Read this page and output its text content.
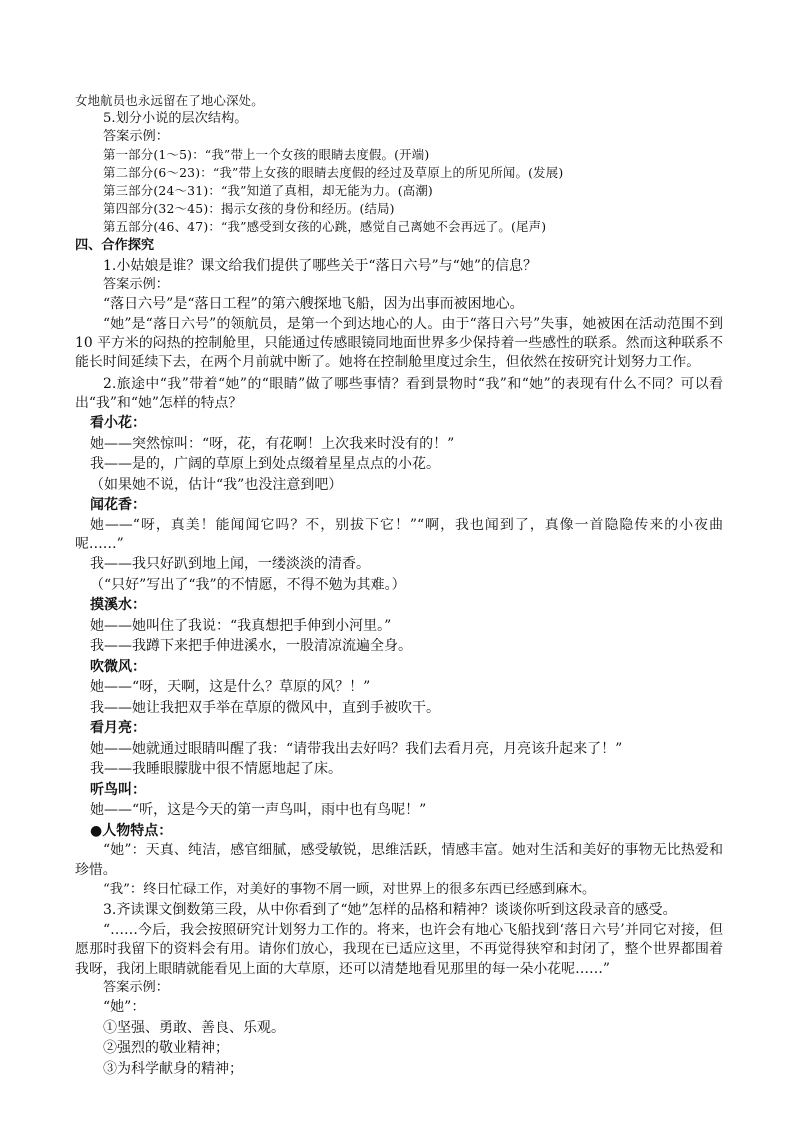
女地航员也永远留在了地心深处。
5.划分小说的层次结构。
答案示例：
第一部分(1～5)：“我”带上一个女孩的眼睛去度假。(开端)
第二部分(6～23)：“我”带上女孩的眼睛去度假的经过及草原上的所见所闻。(发展)
第三部分(24～31)：“我”知道了真相，却无能为力。(高潮)
第四部分(32～45)：揭示女孩的身份和经历。(结局)
第五部分(46、47)：“我”感受到女孩的心跳，感觉自己离她不会再远了。(尾声)
四、合作探究
1.小姑娘是谁？课文给我们提供了哪些关于“落日六号”与“她”的信息？
答案示例：
“落日六号”是“落日工程”的第六艘探地飞船，因为出事而被困地心。
“她”是“落日六号”的领航员，是第一个到达地心的人。由于“落日六号”失事，她被困在活动范围不到 10 平方米的闷热的控制舱里，只能通过传感眼镜同地面世界多少保持着一些感性的联系。然而这种联系不能长时间延续下去，在两个月前就中断了。她将在控制舱里度过余生，但依然在按研究计划努力工作。
2.旅途中“我”带着“她”的“眼睛”做了哪些事情？看到景物时“我”和“她”的表现有什么不同？可以看出“我”和“她”怎样的特点？
看小花：
她——突然惊叫：“呀，花，有花啊！上次我来时没有的！”
我——是的，广阔的草原上到处点缀着星星点点的小花。
（如果她不说，估计“我”也没注意到吧）
闻花香：
她——“呀，真美！能闻闻它吗？不，别拔下它！”“啊，我也闻到了，真像一首隐隐传来的小夜曲呢……”
我——我只好趴到地上闻，一缕淡淡的清香。
（“只好”写出了“我”的不情愿，不得不勉为其难。）
摸溪水：
她——她叫住了我说：“我真想把手伸到小河里。”
我——我蹲下来把手伸进溪水，一股清凉流遍全身。
吹微风：
她——“呀，天啊，这是什么？草原的风？！”
我——她让我把双手举在草原的微风中，直到手被吹干。
看月亮：
她——她就通过眼睛叫醒了我：“请带我出去好吗？我们去看月亮，月亮该升起来了！”
我——我睡眼朦胧中很不情愿地起了床。
听鸟叫：
她——“听，这是今天的第一声鸟叫，雨中也有鸟呢！”
●人物特点：
“她”：天真、纯洁，感官细腻，感受敏锐，思维活跃，情感丰富。她对生活和美好的事物无比热爱和珍惜。
“我”：终日忙碌工作，对美好的事物不屑一顾，对世界上的很多东西已经感到麻木。
3.齐读课文倒数第三段，从中你看到了“她”怎样的品格和精神？谈谈你听到这段录音的感受。
“……今后，我会按照研究计划努力工作的。将来，也许会有地心飞船找到‘落日六号’并同它对接，但愿那时我留下的资料会有用。请你们放心，我现在已适应这里，不再觉得狭窄和封闭了，整个世界都围着我呀，我闭上眼睛就能看见上面的大草原，还可以清楚地看见那里的每一朵小花呢……”
答案示例：
“她”：
①坚强、勇敢、善良、乐观。
②强烈的敬业精神；
③为科学献身的精神；
